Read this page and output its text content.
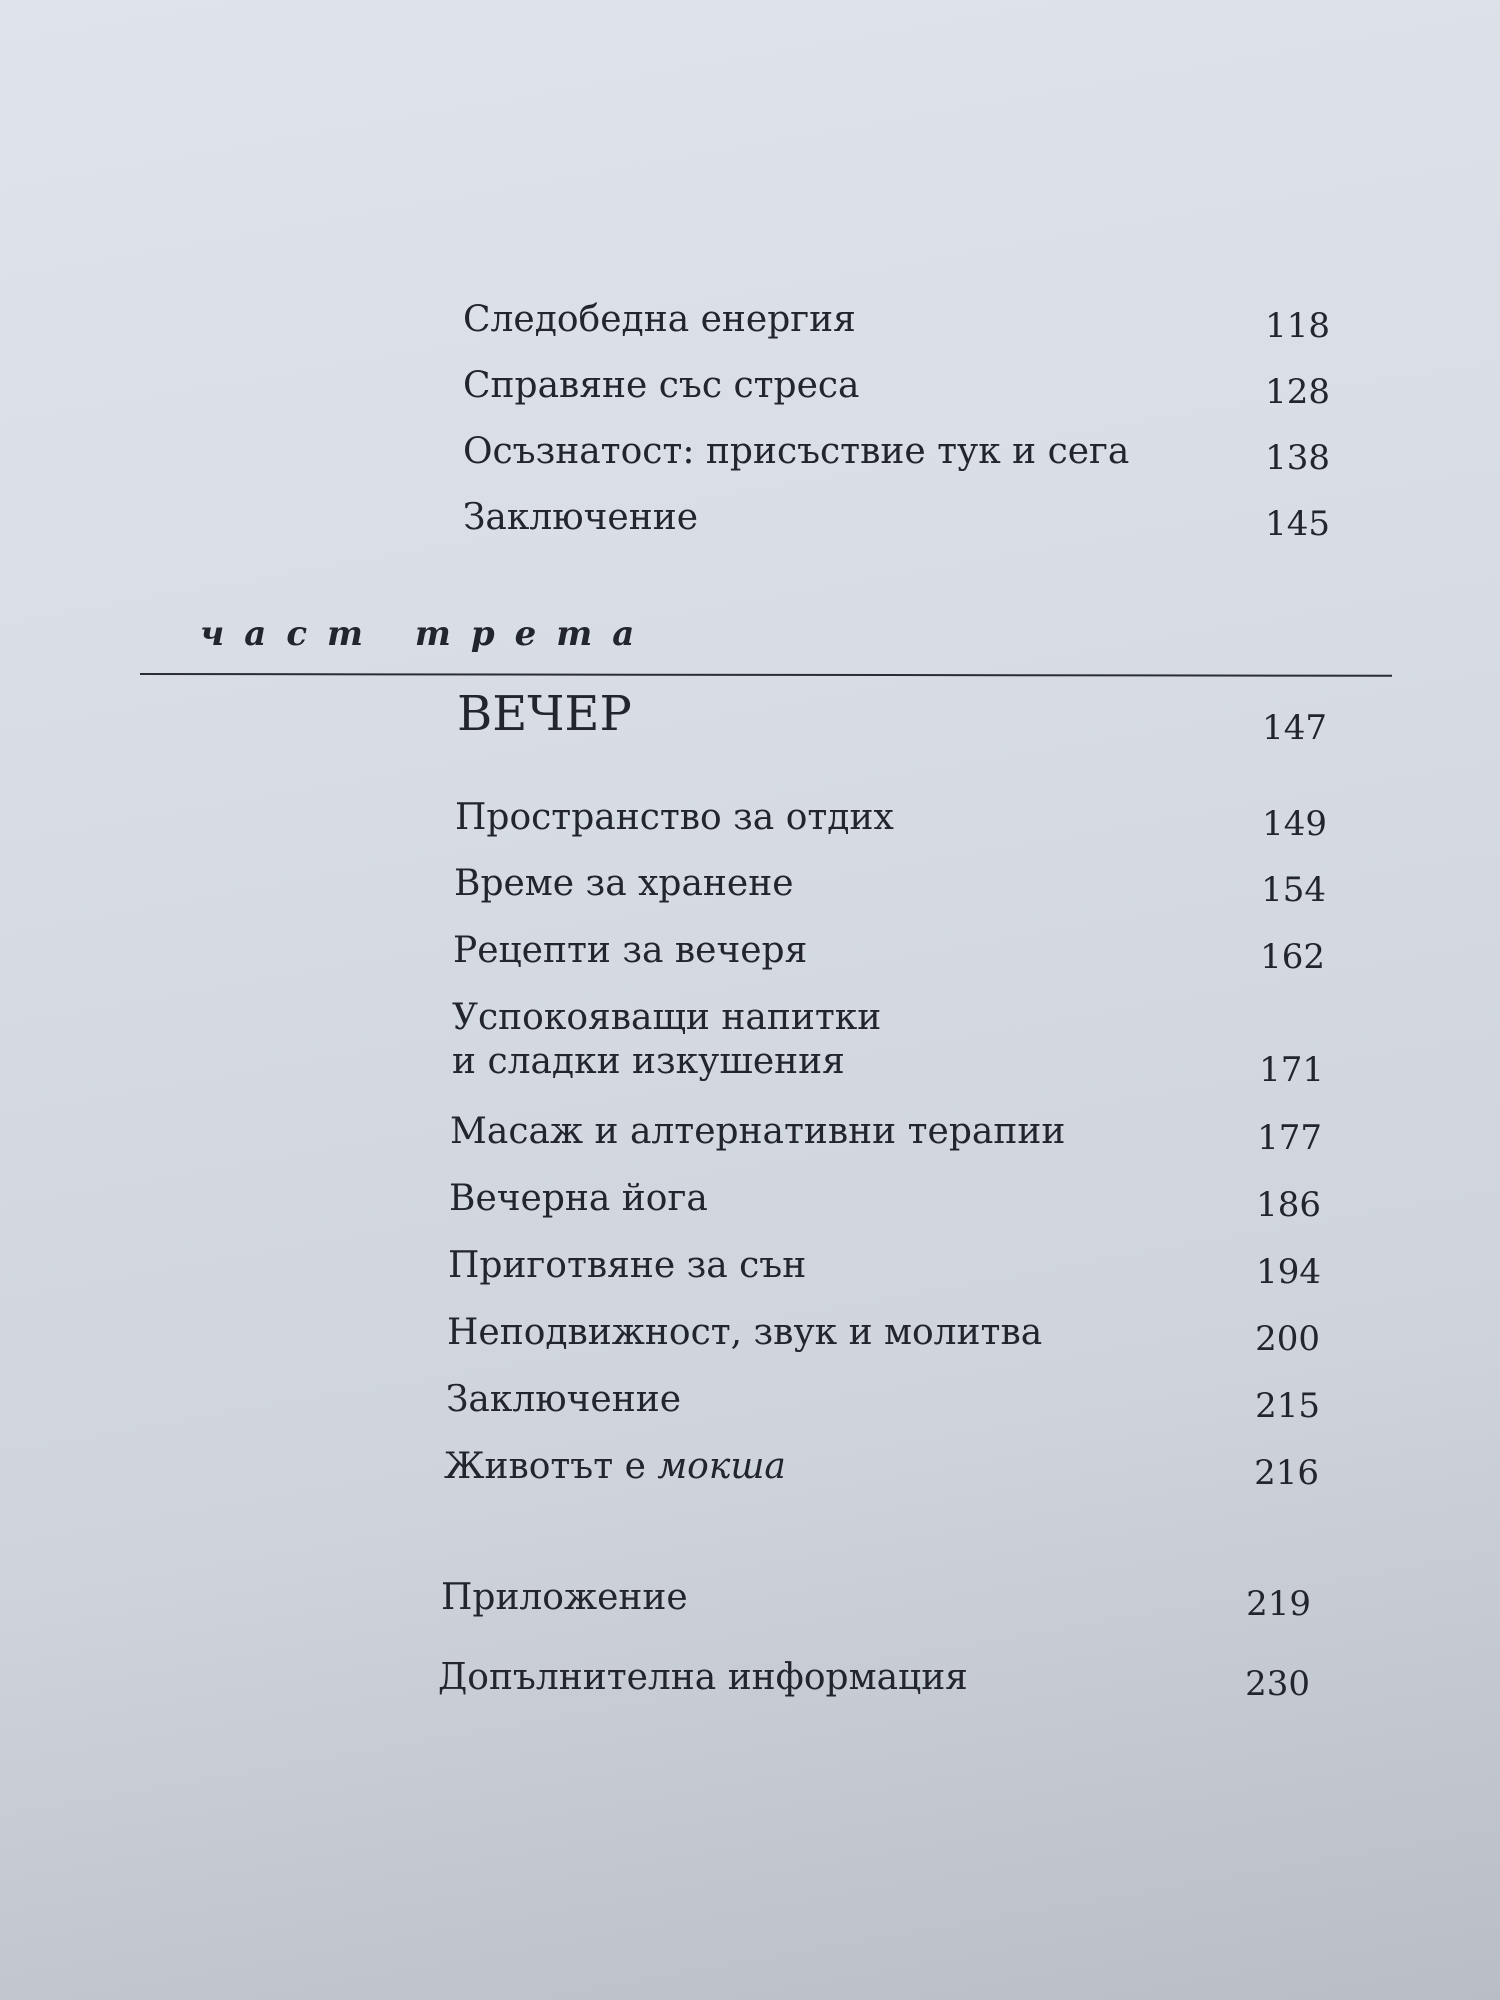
Следобедна енергия	118
Справяне със стреса	128
Осъзнатост: присъствие тук и сега	138
Заключение	145
част трета
ВЕЧЕР	147
Пространство за отдих	149
Време за хранене	154
Рецепти за вечеря	162
Успокояващи напитки
и сладки изкушения	171
Масаж и алтернативни терапии	177
Вечерна йога	186
Приготвяне за сън	194
Неподвижност, звук и молитва	200
Заключение	215
Животът е мокша	216
Приложение	219
Допълнителна информация	230
